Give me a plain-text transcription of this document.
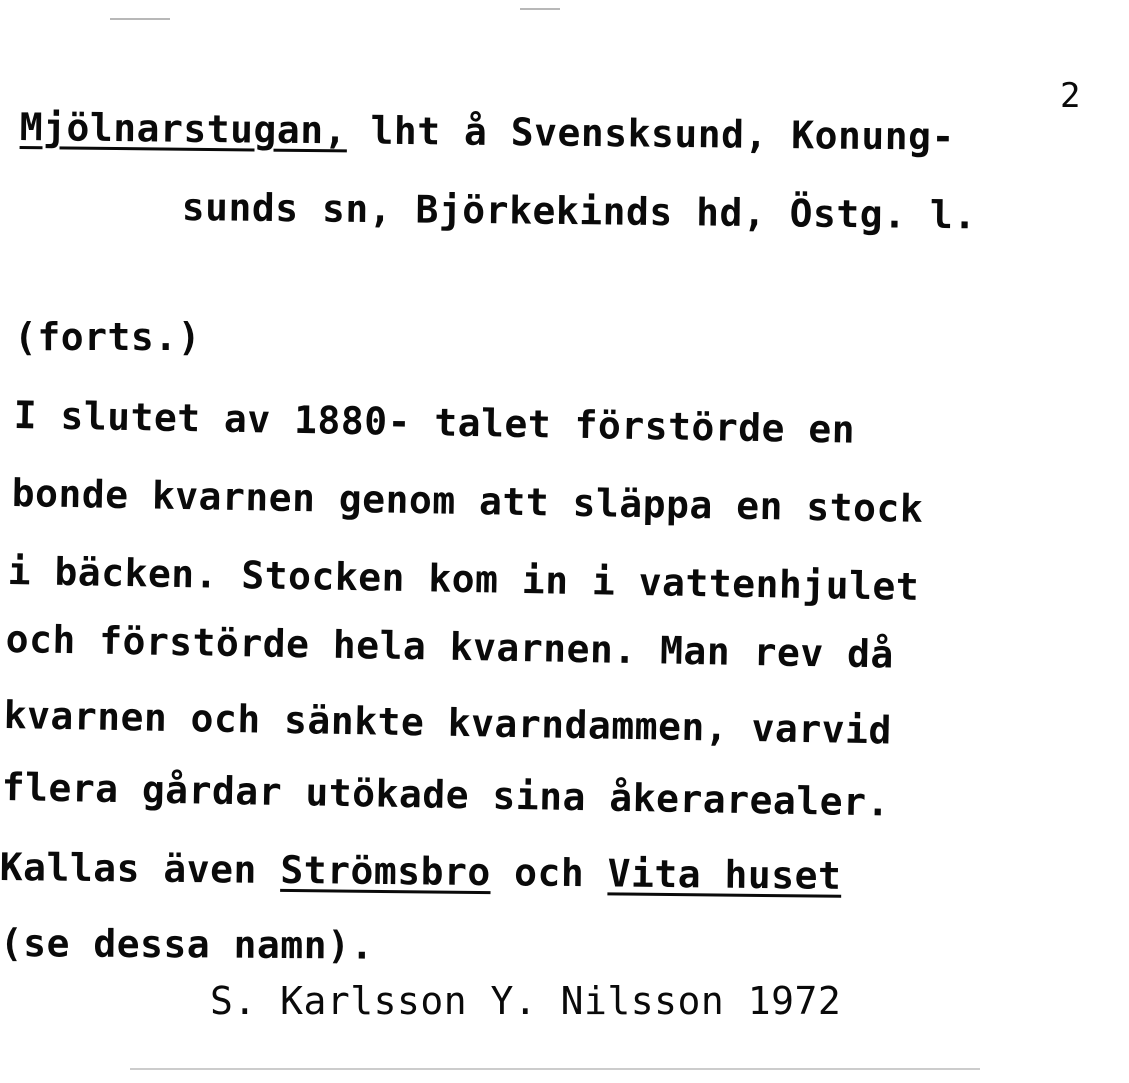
2
Mjölnarstugan, lht å Svensksund, Konung-
sunds sn, Björkekinds hd, Östg. l.
(forts.)
I slutet av 1880- talet förstörde en
bonde kvarnen genom att släppa en stock
i bäcken. Stocken kom in i vattenhjulet
och förstörde hela kvarnen. Man rev då
kvarnen och sänkte kvarndammen, varvid
flera gårdar utökade sina åkerarealer.
Kallas även Strömsbro och Vita huset
(se dessa namn).
S. Karlsson Y. Nilsson 1972
